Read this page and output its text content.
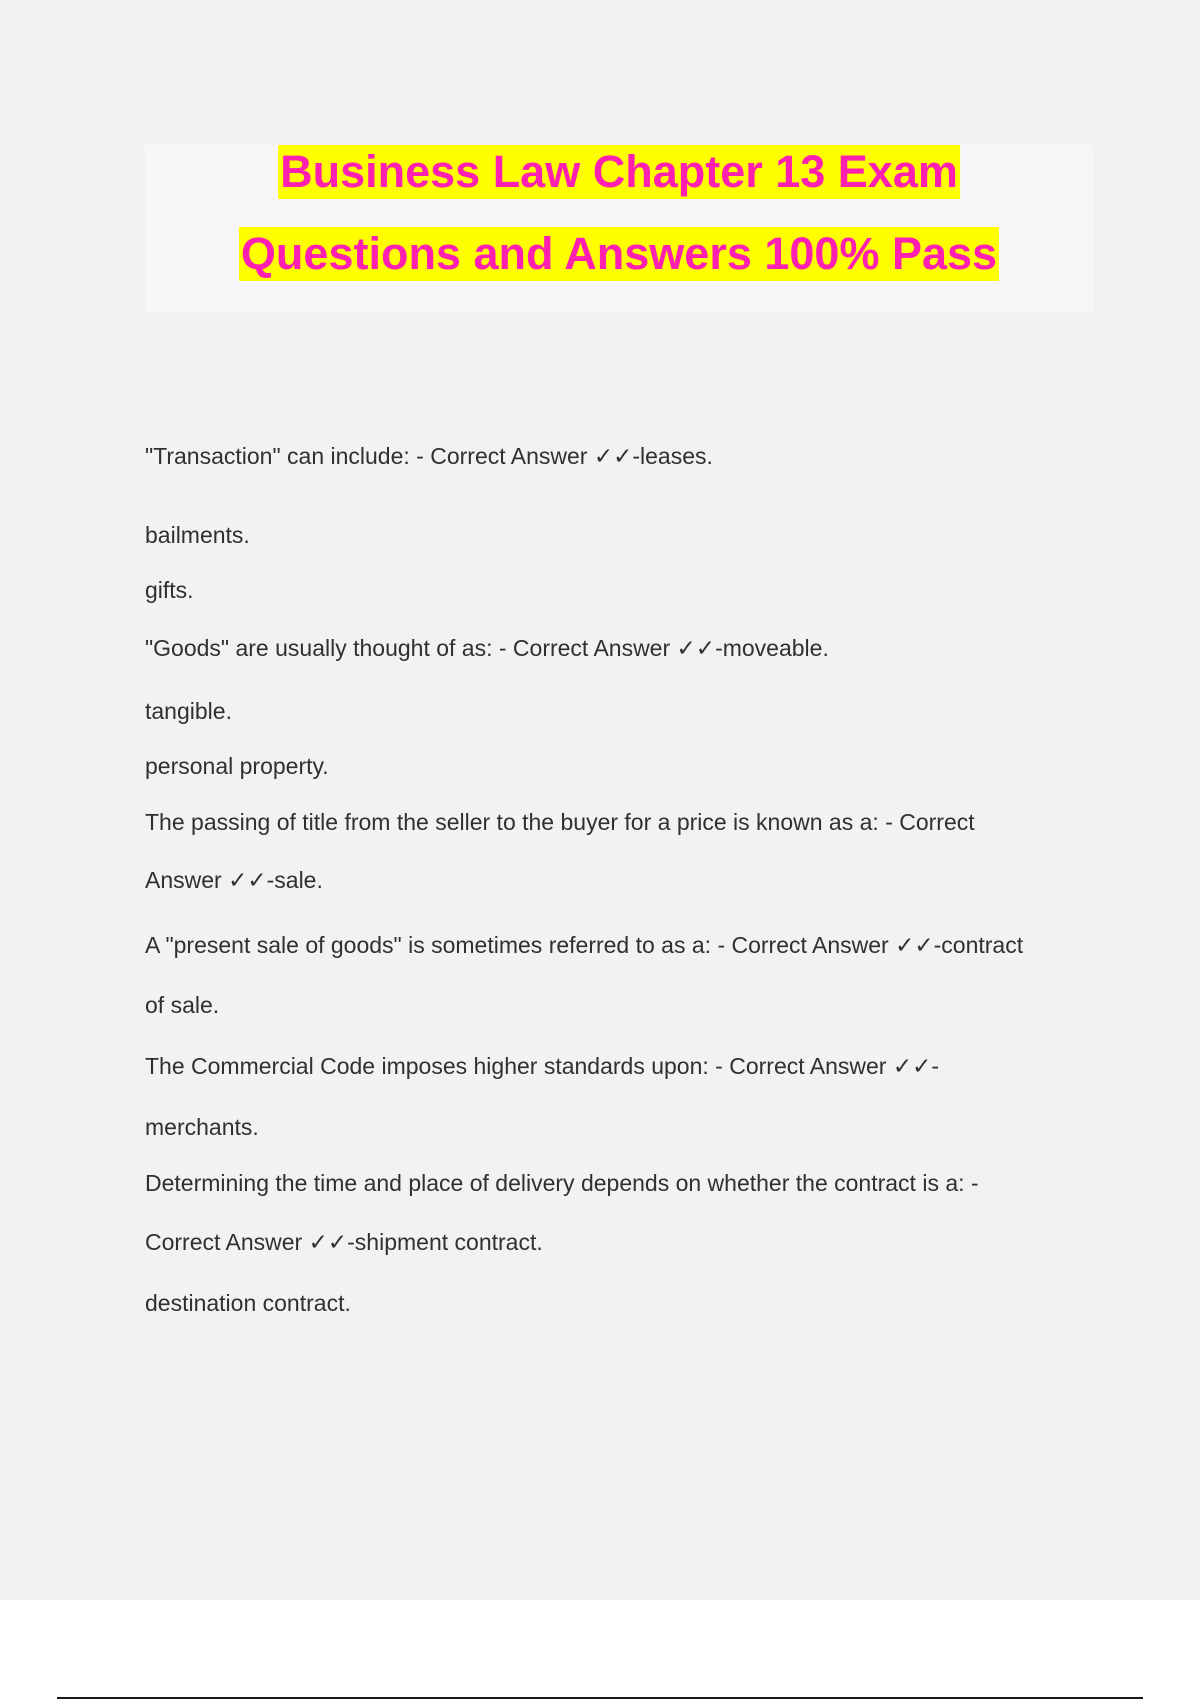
Business Law Chapter 13 Exam
Questions and Answers 100% Pass
"Transaction" can include: - Correct Answer ✓✓-leases.
bailments.
gifts.
"Goods" are usually thought of as: - Correct Answer ✓✓-moveable.
tangible.
personal property.
The passing of title from the seller to the buyer for a price is known as a: - Correct
Answer ✓✓-sale.
A "present sale of goods" is sometimes referred to as a: - Correct Answer ✓✓-contract
of sale.
The Commercial Code imposes higher standards upon: - Correct Answer ✓✓-
merchants.
Determining the time and place of delivery depends on whether the contract is a: -
Correct Answer ✓✓-shipment contract.
destination contract.
